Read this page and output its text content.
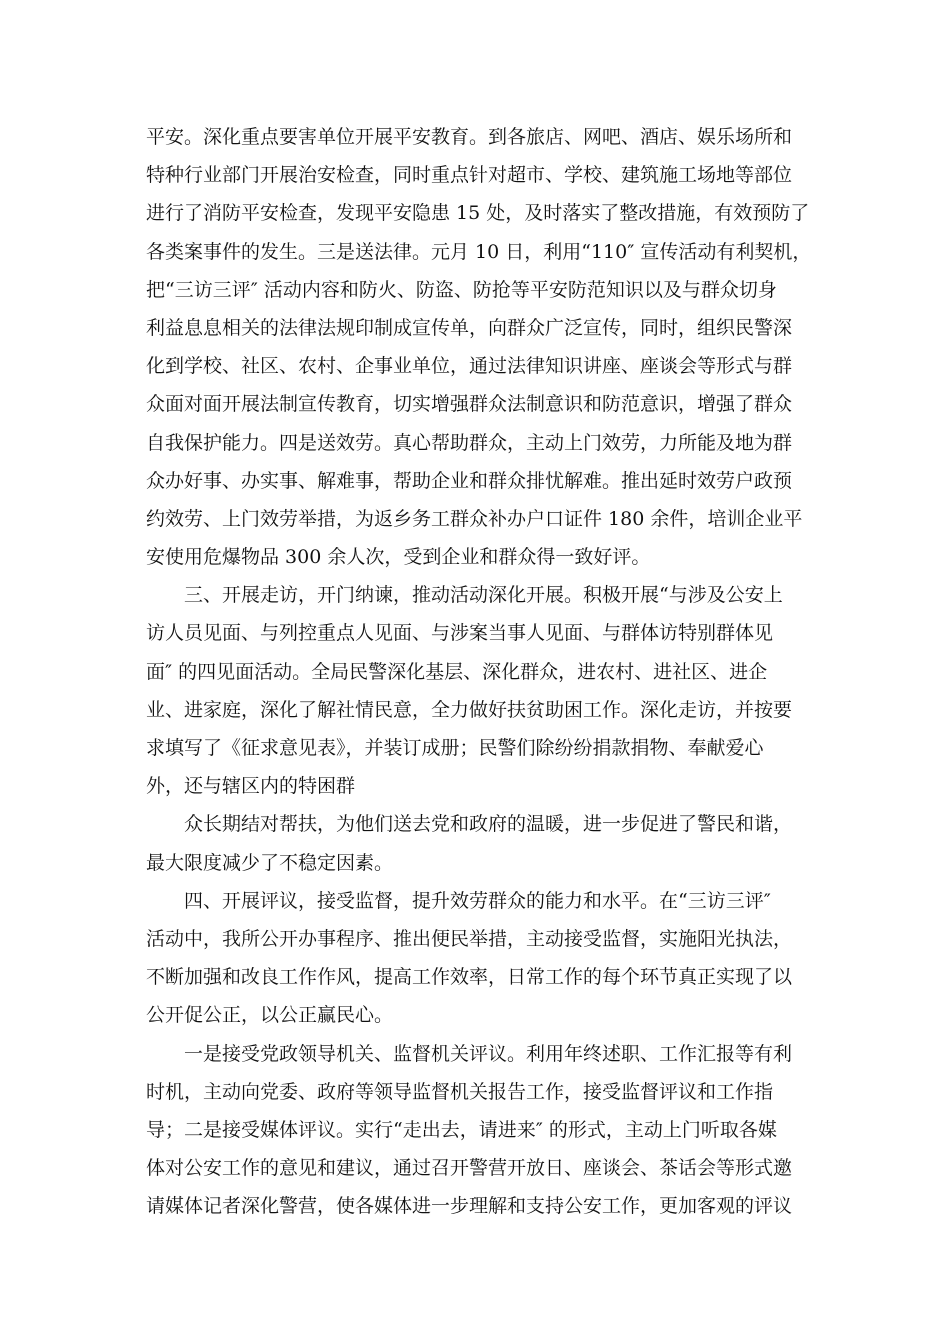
平安。深化重点要害单位开展平安教育。到各旅店、网吧、酒店、娱乐场所和
特种行业部门开展治安检查，同时重点针对超市、学校、建筑施工场地等部位
进行了消防平安检查，发现平安隐患 15 处，及时落实了整改措施，有效预防了
各类案事件的发生。三是送法律。元月 10 日，利用“110″ 宣传活动有利契机，
把“三访三评″ 活动内容和防火、防盗、防抢等平安防范知识以及与群众切身
利益息息相关的法律法规印制成宣传单，向群众广泛宣传，同时，组织民警深
化到学校、社区、农村、企事业单位，通过法律知识讲座、座谈会等形式与群
众面对面开展法制宣传教育，切实增强群众法制意识和防范意识，增强了群众
自我保护能力。四是送效劳。真心帮助群众，主动上门效劳，力所能及地为群
众办好事、办实事、解难事，帮助企业和群众排忧解难。推出延时效劳户政预
约效劳、上门效劳举措，为返乡务工群众补办户口证件 180 余件，培训企业平
安使用危爆物品 300 余人次，受到企业和群众得一致好评。
三、开展走访，开门纳谏，推动活动深化开展。积极开展“与涉及公安上
访人员见面、与列控重点人见面、与涉案当事人见面、与群体访特别群体见
面″ 的四见面活动。全局民警深化基层、深化群众，进农村、进社区、进企
业、进家庭，深化了解社情民意，全力做好扶贫助困工作。深化走访，并按要
求填写了《征求意见表》，并装订成册；民警们除纷纷捐款捐物、奉献爱心
外，还与辖区内的特困群
众长期结对帮扶，为他们送去党和政府的温暖，进一步促进了警民和谐，
最大限度减少了不稳定因素。
四、开展评议，接受监督，提升效劳群众的能力和水平。在“三访三评″
活动中，我所公开办事程序、推出便民举措，主动接受监督，实施阳光执法，
不断加强和改良工作作风，提高工作效率，日常工作的每个环节真正实现了以
公开促公正，以公正赢民心。
一是接受党政领导机关、监督机关评议。利用年终述职、工作汇报等有利
时机，主动向党委、政府等领导监督机关报告工作，接受监督评议和工作指
导；二是接受媒体评议。实行“走出去，请进来″ 的形式，主动上门听取各媒
体对公安工作的意见和建议，通过召开警营开放日、座谈会、茶话会等形式邀
请媒体记者深化警营，使各媒体进一步理解和支持公安工作，更加客观的评议
